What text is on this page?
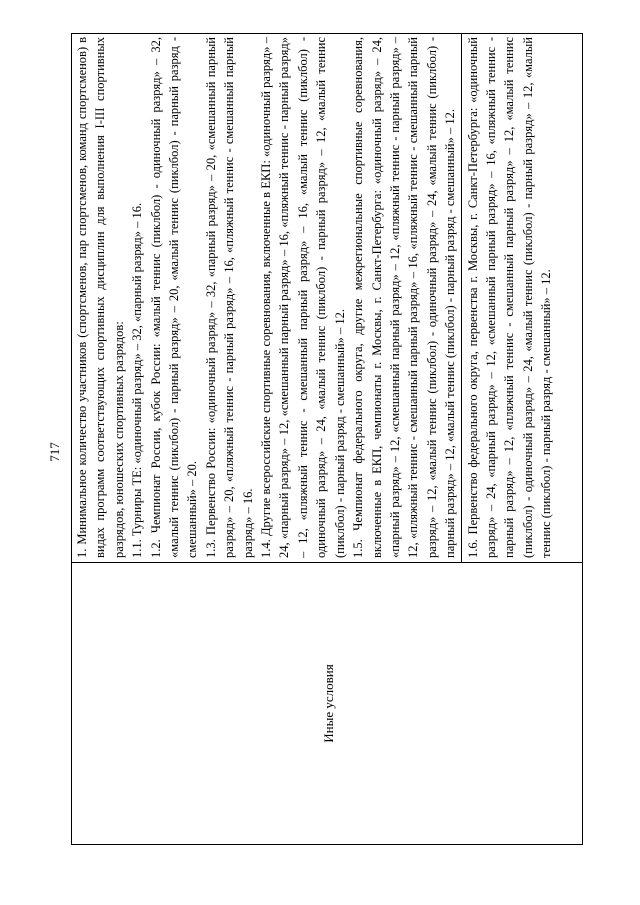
717
Иные условия

1. Минимальное количество участников (спортсменов, пар спортсменов, команд спортсменов) в видах программ соответствующих спортивных дисциплин для выполнения I-III спортивных разрядов, юношеских спортивных разрядов: 1.1. Турниры ТЕ: «одиночный разряд» – 32, «парный разряд» – 16. 1.2. Чемпионат России, кубок России: «малый теннис (пиклбол) - одиночный разряд» – 32, «малый теннис (пиклбол) - парный разряд» – 20, «малый теннис (пиклбол) - парный разряд - смешанный» – 20. 1.3. Первенство России: «одиночный разряд» – 32, «парный разряд» – 20, «смешанный парный разряд» – 20, «пляжный теннис - парный разряд» – 16, «пляжный теннис - смешанный парный разряд» – 16. 1.4. Другие всероссийские спортивные соревнования, включенные в ЕКП: «одиночный разряд» – 24, «парный разряд» – 12, «смешанный парный разряд» – 16, «пляжный теннис - парный разряд» – 12, «пляжный теннис - смешанный парный разряд» – 16, «малый теннис (пиклбол) - одиночный разряд» – 24, «малый теннис (пиклбол) - парный разряд» – 12, «малый теннис (пиклбол) - парный разряд - смешанный» – 12. 1.5. Чемпионат федерального округа, другие межрегиональные спортивные соревнования, включенные в ЕКП, чемпионаты г. Москвы, г. Санкт-Петербурга: «одиночный разряд» – 24, «парный разряд» – 12, «смешанный парный разряд» – 12, «пляжный теннис - парный разряд» – 12, «пляжный теннис - смешанный парный разряд» – 16, «пляжный теннис - смешанный парный разряд» – 12, «малый теннис (пиклбол) - одиночный разряд» – 24, «малый теннис (пиклбол) - парный разряд» – 12, «малый теннис (пиклбол) - парный разряд - смешанный» – 12. 1.6. Первенство федерального округа, первенства г. Москвы, г. Санкт-Петербурга: «одиночный разряд» – 24, «парный разряд» – 12, «смешанный парный разряд» – 16, «пляжный теннис - парный разряд» – 12, «пляжный теннис - смешанный парный разряд» – 12, «малый теннис (пиклбол) - одиночный разряд» – 24, «малый теннис (пиклбол) - парный разряд» – 12, «малый теннис (пиклбол) - парный разряд - смешанный» – 12.
